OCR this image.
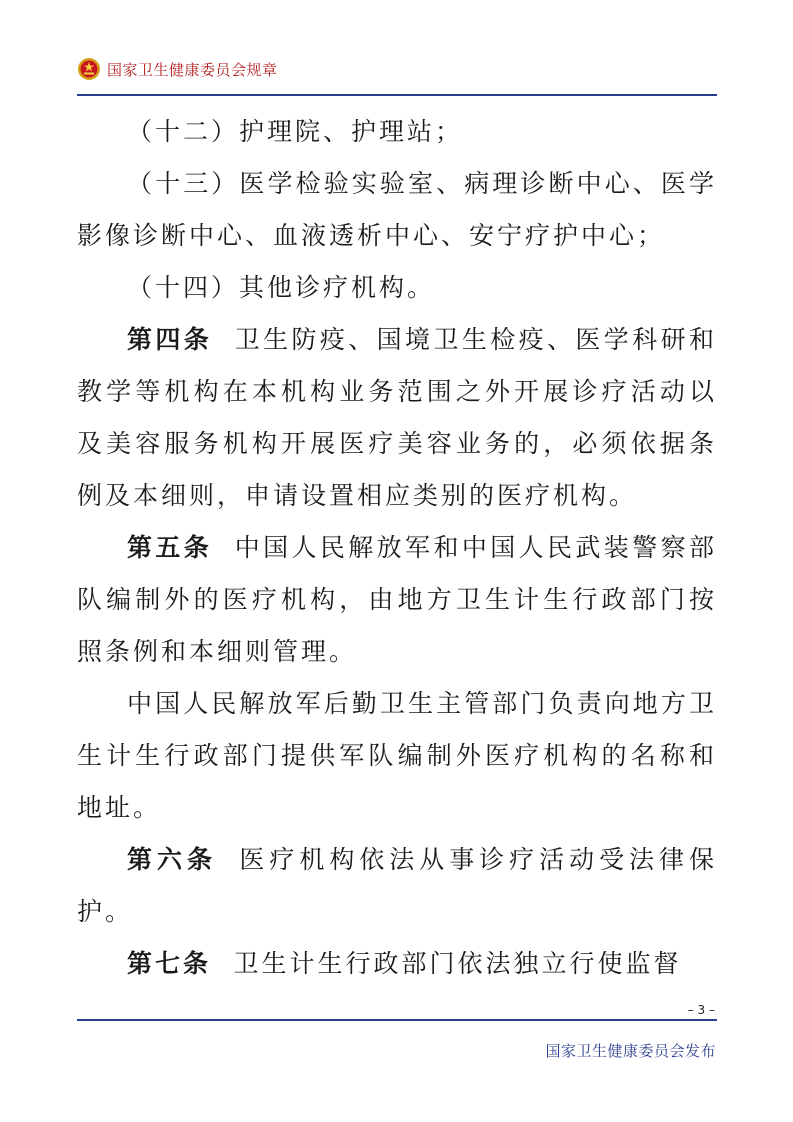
国家卫生健康委员会规章

（十二）护理院、护理站；

（十三）医学检验实验室、病理诊断中心、医学影像诊断中心、血液透析中心、安宁疗护中心；

（十四）其他诊疗机构。

第四条 卫生防疫、国境卫生检疫、医学科研和教学等机构在本机构业务范围之外开展诊疗活动以及美容服务机构开展医疗美容业务的，必须依据条例及本细则，申请设置相应类别的医疗机构。

第五条 中国人民解放军和中国人民武装警察部队编制外的医疗机构，由地方卫生计生行政部门按照条例和本细则管理。

中国人民解放军后勤卫生主管部门负责向地方卫生计生行政部门提供军队编制外医疗机构的名称和地址。

第六条 医疗机构依法从事诊疗活动受法律保护。

第七条 卫生计生行政部门依法独立行使监督

– 3 –
国家卫生健康委员会发布
